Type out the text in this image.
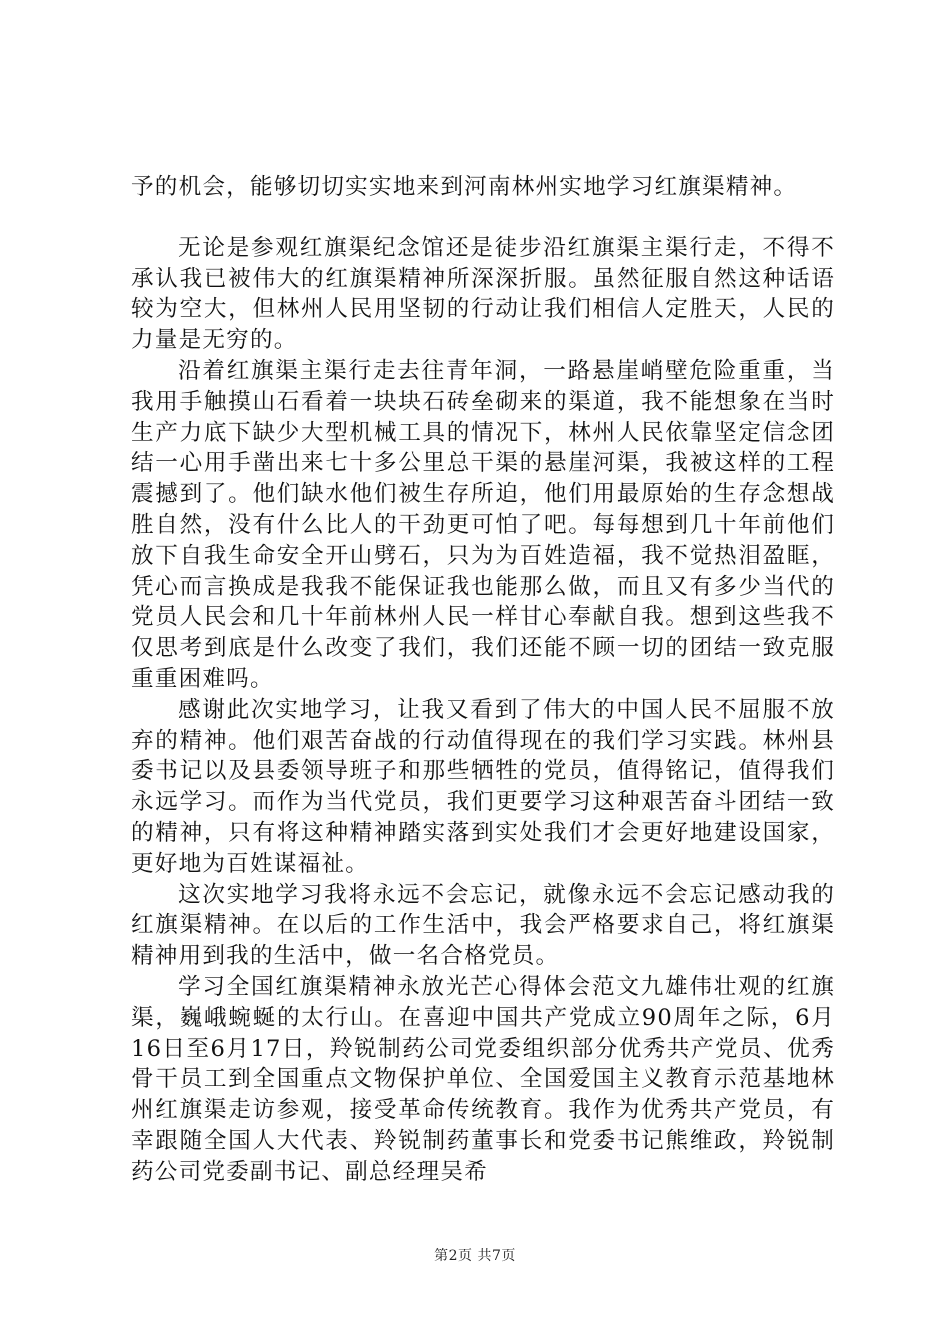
予的机会，能够切切实实地来到河南林州实地学习红旗渠精神。

无论是参观红旗渠纪念馆还是徒步沿红旗渠主渠行走，不得不承认我已被伟大的红旗渠精神所深深折服。虽然征服自然这种话语较为空大，但林州人民用坚韧的行动让我们相信人定胜天，人民的力量是无穷的。

沿着红旗渠主渠行走去往青年洞，一路悬崖峭壁危险重重，当我用手触摸山石看着一块块石砖垒砌来的渠道，我不能想象在当时生产力底下缺少大型机械工具的情况下，林州人民依靠坚定信念团结一心用手凿出来七十多公里总干渠的悬崖河渠，我被这样的工程震撼到了。他们缺水他们被生存所迫，他们用最原始的生存念想战胜自然，没有什么比人的干劲更可怕了吧。每每想到几十年前他们放下自我生命安全开山劈石，只为为百姓造福，我不觉热泪盈眶，凭心而言换成是我我不能保证我也能那么做，而且又有多少当代的党员人民会和几十年前林州人民一样甘心奉献自我。想到这些我不仅思考到底是什么改变了我们，我们还能不顾一切的团结一致克服重重困难吗。

感谢此次实地学习，让我又看到了伟大的中国人民不屈服不放弃的精神。他们艰苦奋战的行动值得现在的我们学习实践。林州县委书记以及县委领导班子和那些牺牲的党员，值得铭记，值得我们永远学习。而作为当代党员，我们更要学习这种艰苦奋斗团结一致的精神，只有将这种精神踏实落到实处我们才会更好地建设国家，更好地为百姓谋福祉。

这次实地学习我将永远不会忘记，就像永远不会忘记感动我的红旗渠精神。在以后的工作生活中，我会严格要求自己，将红旗渠精神用到我的生活中，做一名合格党员。

学习全国红旗渠精神永放光芒心得体会范文九雄伟壮观的红旗渠，巍峨蜿蜒的太行山。在喜迎中国共产党成立90周年之际，6月16日至6月17日，羚锐制药公司党委组织部分优秀共产党员、优秀骨干员工到全国重点文物保护单位、全国爱国主义教育示范基地林州红旗渠走访参观，接受革命传统教育。我作为优秀共产党员，有幸跟随全国人大代表、羚锐制药董事长和党委书记熊维政，羚锐制药公司党委副书记、副总经理吴希

第2页 共7页
